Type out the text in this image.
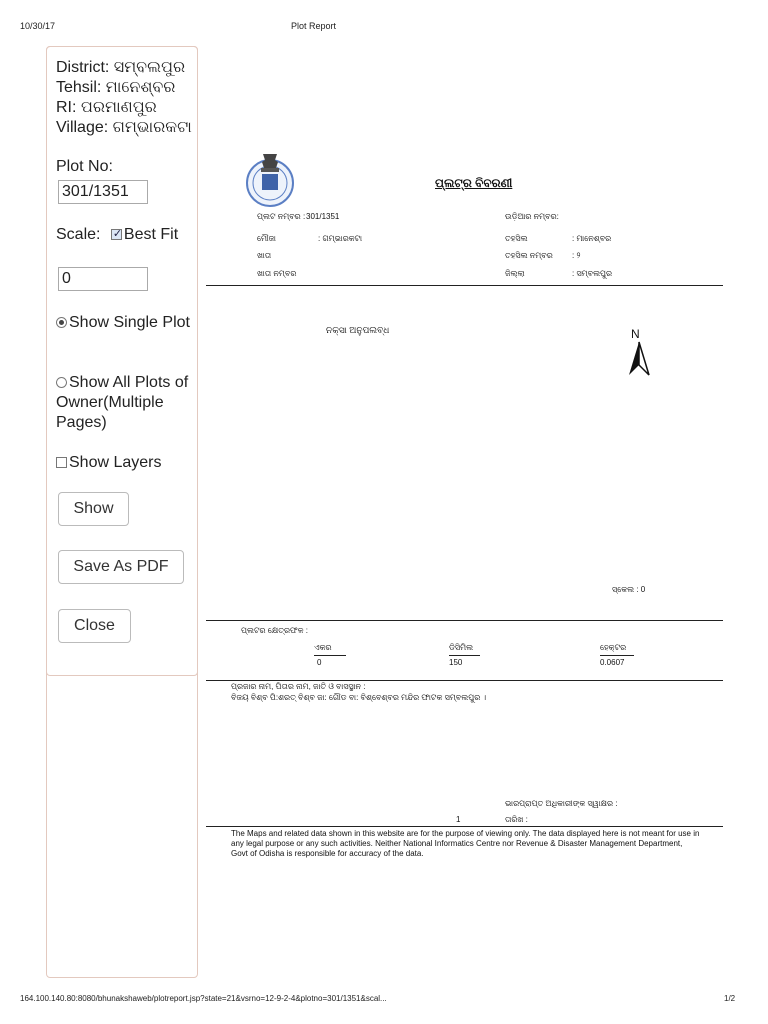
10/30/17	Plot Report
164.100.140.80:8080/bhunakshaweb/plotreport.jsp?state=21&vsrno=12-9-2-4&plotno=301/1351&scal...	1/2
District: ସମ୍ବଲପୁର
Tehsil: ମାନେଶ୍ବର
RI: ପରମାଣପୁର
Village: ଗମ୍ଭାରକଟା
Plot No:
301/1351
Scale: ✓ Best Fit
0
Show Single Plot
Show All Plots of Owner(Multiple Pages)
Show Layers
Show
Save As PDF
Close
ପ୍ଲଟ୍‌ର ବିବରଣୀ
ପ୍ଲଟ ନମ୍ବର : 301/1351	ଉଡ଼ିଆର ନମ୍ବର:
ମୌଜା	: ଗମ୍ଭାରକଟା	ତହସିଲ	: ମାନେଶ୍ବର
ଖାତା	ତହସିଲ ନମ୍ବର : ୨
ଖାତା ନମ୍ବର	ଜିଲ୍ଲା	: ସମ୍ବଲପୁର
ନକ୍ସା ଅନୁପଲବ୍ଧ	N
ସ୍କେଲ : 0
ପ୍ଲଟର କ୍ଷେତ୍ରଫଳ :
ଏକର	ଡିସିମିଲ	ହେକ୍ଟର
0	150	0.0607
ପ୍ରଜାର ନାମ, ପିତାର ନାମ, ଜାତି ଓ ବାସସ୍ଥାନ :
ବିଜୟ ବିଶ୍ବ ପି:ଶରତ୍ ବିଶ୍ବ ଜା: ଗୌଡ ବା: ବିଶ୍ବେଶ୍ବର ମନ୍ଦିର ଫାଟକ ସମ୍ବଲପୁର ।
ଭାରପ୍ରାପ୍ତ ଅଧିକାରୀଙ୍କ ସ୍ୱାକ୍ଷର :
1	ତାରିଖ :
The Maps and related data shown in this website are for the purpose of viewing only. The data displayed here is not meant for use in any legal purpose or any such activities. Neither National Informatics Centre nor Revenue & Disaster Management Department, Govt of Odisha is responsible for accuracy of the data.
